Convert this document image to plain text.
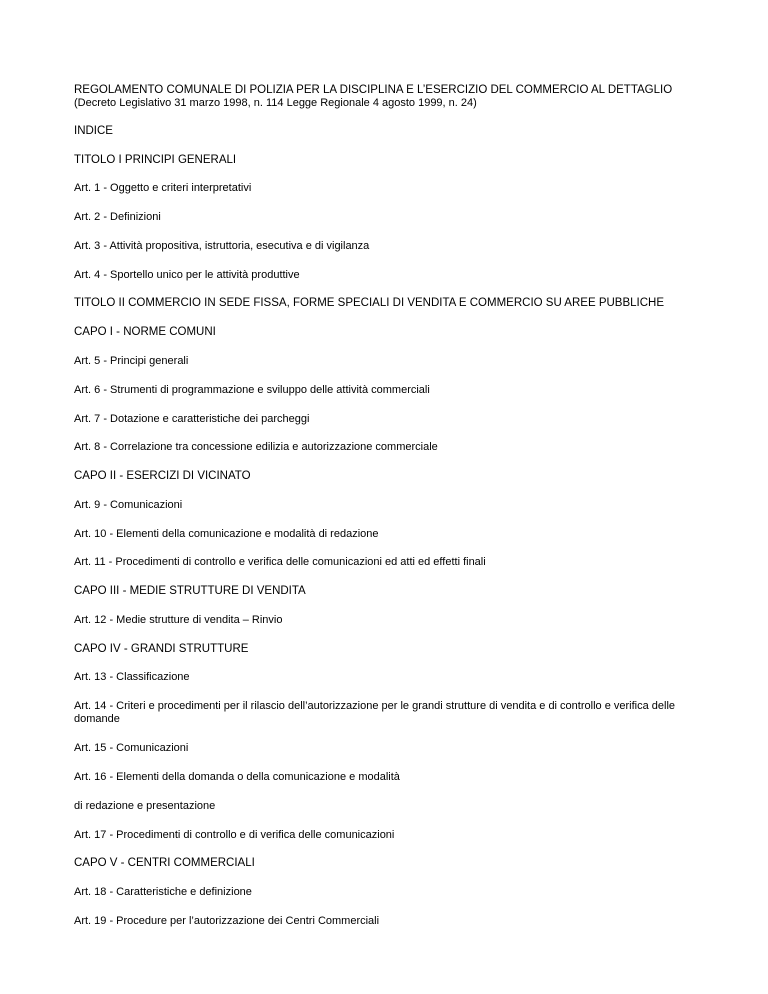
REGOLAMENTO COMUNALE DI POLIZIA PER LA DISCIPLINA E L’ESERCIZIO DEL COMMERCIO AL DETTAGLIO
(Decreto Legislativo 31 marzo 1998, n. 114 Legge Regionale 4 agosto 1999, n. 24)
INDICE
TITOLO I PRINCIPI GENERALI
Art. 1 - Oggetto e criteri interpretativi
Art. 2 - Definizioni
Art. 3 - Attività propositiva, istruttoria, esecutiva e di vigilanza
Art. 4 - Sportello unico per le attività produttive
TITOLO II COMMERCIO IN SEDE FISSA, FORME SPECIALI DI VENDITA E COMMERCIO SU AREE PUBBLICHE
CAPO I - NORME COMUNI
Art. 5 - Principi generali
Art. 6 - Strumenti di programmazione e sviluppo delle attività commerciali
Art. 7 - Dotazione e caratteristiche dei parcheggi
Art. 8 - Correlazione tra concessione edilizia e autorizzazione commerciale
CAPO II - ESERCIZI DI VICINATO
Art. 9 - Comunicazioni
Art. 10 - Elementi della comunicazione e modalità di redazione
Art. 11 - Procedimenti di controllo e verifica delle comunicazioni ed atti ed effetti finali
CAPO III - MEDIE STRUTTURE DI VENDITA
Art. 12 - Medie strutture di vendita – Rinvio
CAPO IV - GRANDI STRUTTURE
Art. 13 - Classificazione
Art. 14 - Criteri e procedimenti per il rilascio dell’autorizzazione per le grandi strutture di vendita e di controllo e verifica delle domande
Art. 15 - Comunicazioni
Art. 16 - Elementi della domanda o della comunicazione e modalità
di redazione e presentazione
Art. 17 - Procedimenti di controllo e di verifica delle comunicazioni
CAPO V - CENTRI COMMERCIALI
Art. 18 - Caratteristiche e definizione
Art. 19 - Procedure per l’autorizzazione dei Centri Commerciali
